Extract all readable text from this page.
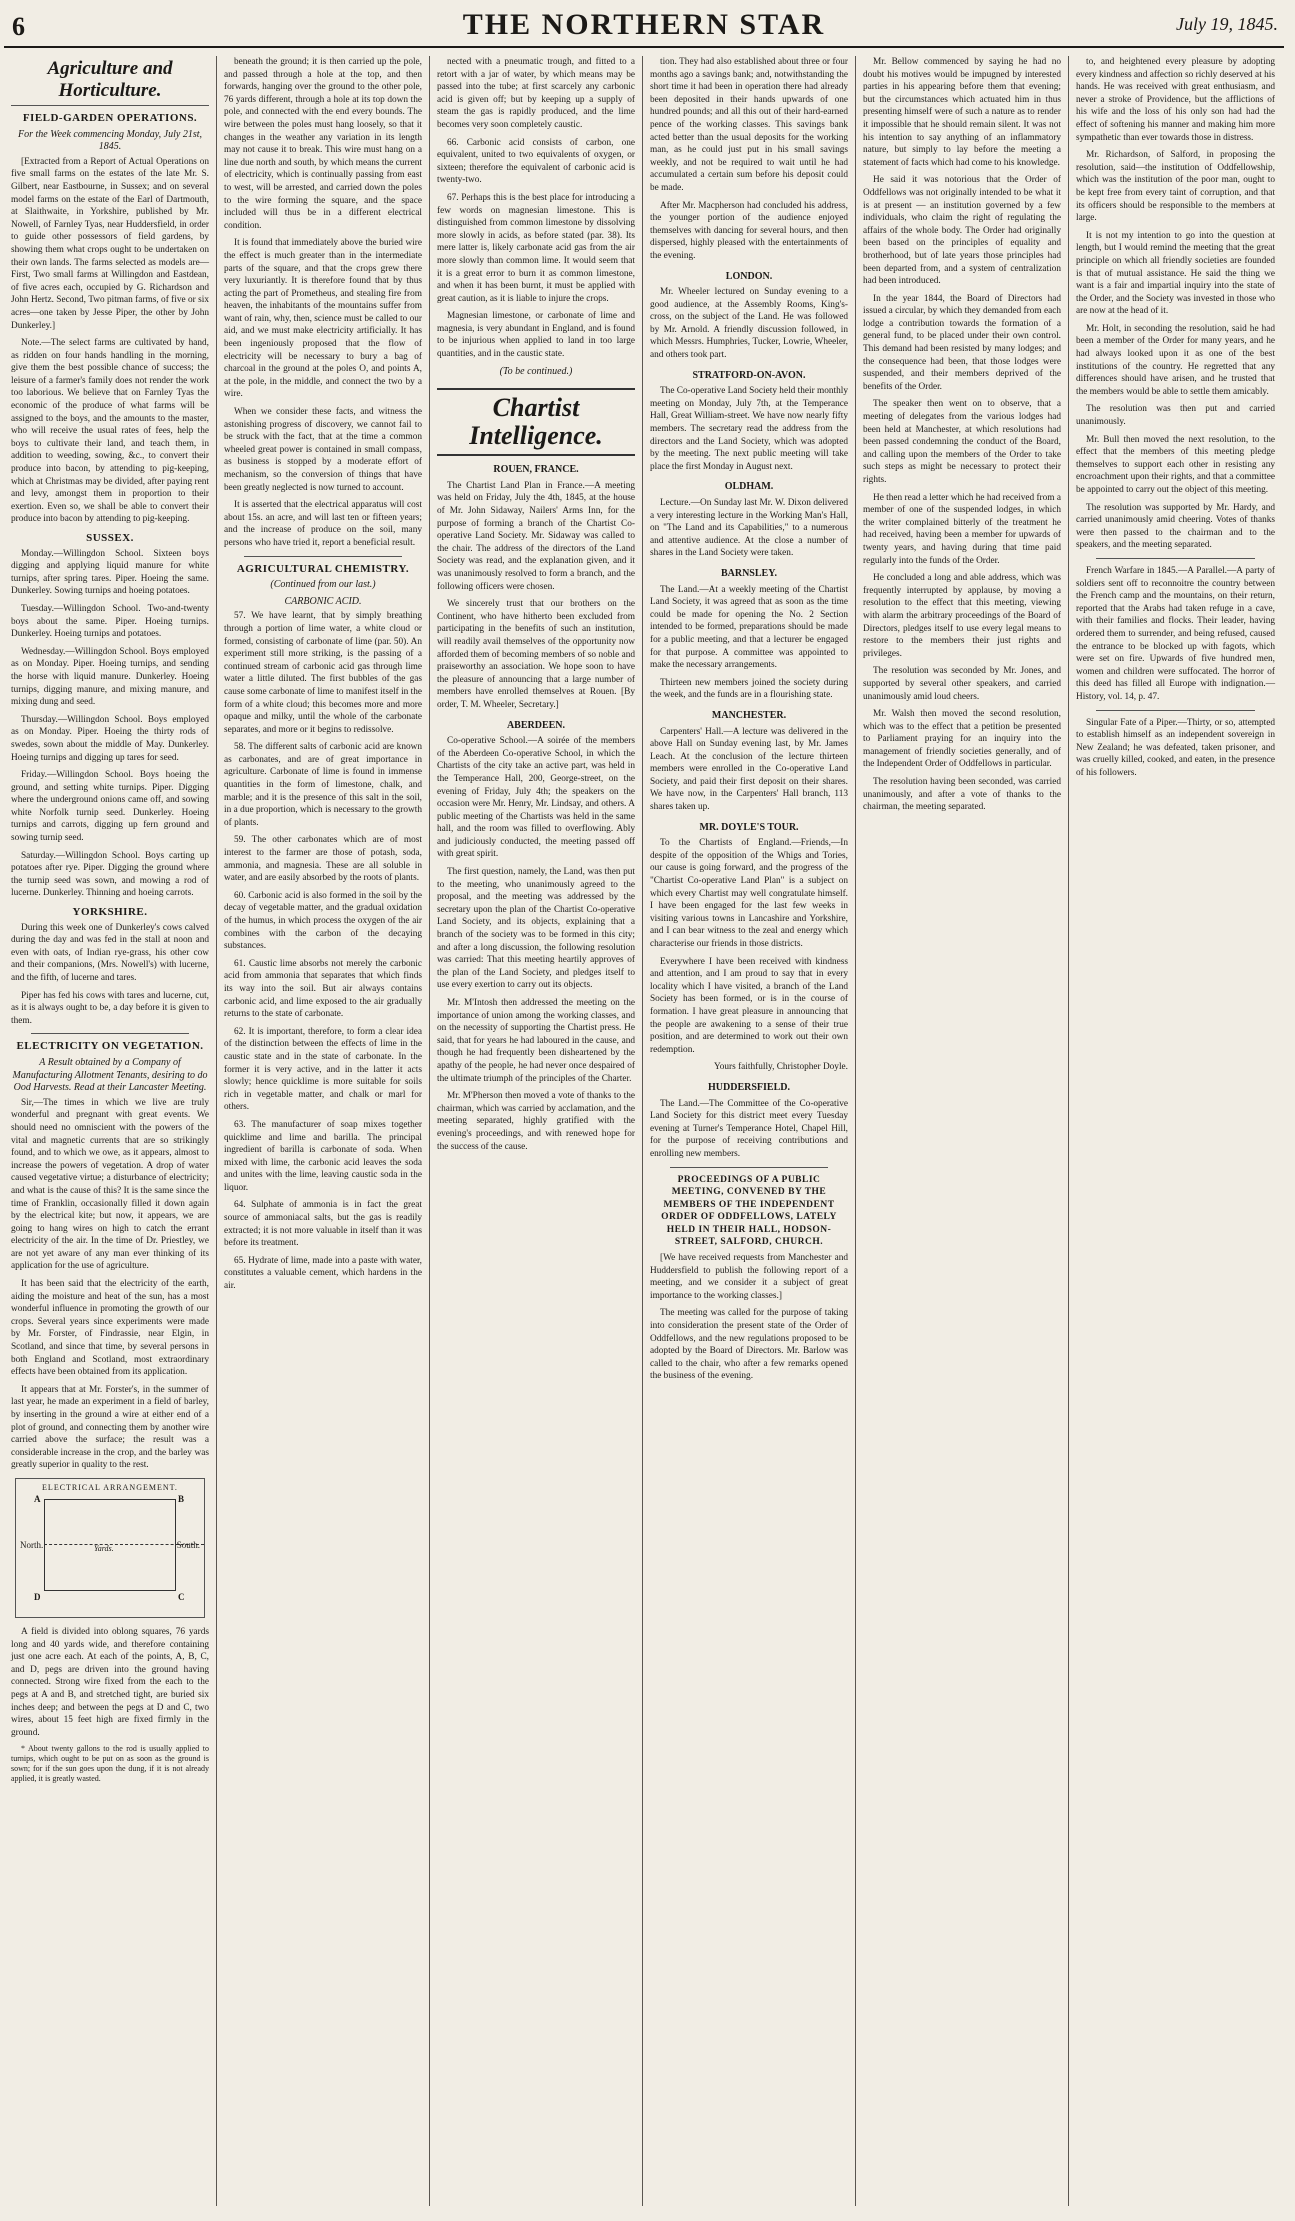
6	THE NORTHERN STAR	July 19, 1845.
Agriculture and Horticulture.
FIELD-GARDEN OPERATIONS.
For the Week commencing Monday, July 21st, 1845.

[Extracted from a Report of Actual Operations on five small farms on the estates of the late Mr. S. Gilbert, near Eastbourne, in Sussex; and on several model farms on the estate of the Earl of Dartmouth, at Slaithwaite, in Yorkshire, published by Mr. Nowell, of Farnley Tyas, near Huddersfield, in order to guide other possessors of field gardens, by showing them what crops ought to be undertaken on their own lands. The farms selected as models are—First, Two small farms at Willingdon and Eastdean, of five acres each, occupied by G. Richardson and John Hertz. Second, Two pitman farms, of five or six acres—one taken by Jesse Piper, the other by John Dunkerley.]

Note.—The select farms are cultivated by hand, as ridden on four hands handling in the morning, give them the best possible chance of success; the leisure of a farmer's family does not render the work too laborious. We believe that on Farnley Tyas the economic of the produce of what farms will be assigned to the boys, and the amounts to the master, who will receive the usual rates of fees, help the boys to cultivate their land, and teach them, in addition to weeding, sowing, &c., to convert their produce into bacon, by attending to pig-keeping, which at Christmas may be divided, after paying rent and levy, amongst them in proportion to their exertion. Even so, we shall be able to convert their produce into bacon by attending to pig-keeping.

SUSSEX.

Monday.—Willingdon School. Sixteen boys digging and applying liquid manure for white turnips, after spring tares. Piper. Hoeing the same. Dunkerley. Sowing turnips and hoeing potatoes.

Tuesday.—Willingdon School. Two-and-twenty boys about the same. Piper. Hoeing turnips. Dunkerley. Hoeing turnips and potatoes.

Wednesday.—Willingdon School. Boys employed as on Monday. Piper. Hoeing turnips, and sending the horse with liquid manure. Dunkerley. Hoeing turnips, digging manure, and mixing manure, and mixing dung and seed.

Thursday.—Willingdon School. Boys employed as on Monday. Piper. Hoeing the thirty rods of swedes, sown about the middle of May. Dunkerley. Hoeing turnips and digging up tares for seed.

Friday.—Willingdon School. Boys hoeing the ground, and setting white turnips. Piper. Digging where the underground onions came off, and sowing white Norfolk turnip seed. Dunkerley. Hoeing turnips and carrots, digging up fern ground and sowing turnip seed.

Saturday.—Willingdon School. Boys carting up potatoes after rye. Piper. Digging the ground where the turnip seed was sown, and mowing a rod of lucerne. Dunkerley. Thinning and hoeing carrots.

YORKSHIRE.

During this week one of Dunkerley's cows calved during the day and was fed in the stall at noon and even with oats, of Indian rye-grass, his other cow and their companions, (Mrs. Nowell's) with lucerne, and the fifth, of lucerne and tares.

Piper has fed his cows with tares and lucerne, cut, as it is always ought to be, a day before it is given to them.

ELECTRICITY ON VEGETATION.
A Result obtained by a Company of Manufacturing Allotment Tenants, desiring to do Ood Harvests. Read at their Lancaster Meeting.

Sir,—The times in which we live are truly wonderful and pregnant with great events. We should need no omniscient with the powers of the vital and magnetic currents that are so strikingly found, and to which we owe, as it appears, almost to increase the powers of vegetation. A drop of water caused vegetative virtue; a disturbance of electricity; and what is the cause of this? It is the same since the time of Franklin, occasionally filled it down again by the electrical kite; but now, it appears, we are going to hang wires on high to catch the errant electricity of the air. In the time of Dr. Priestley, we are not yet aware of any man ever thinking of its application for the use of agriculture.

It has been said that the electricity of the earth, aiding the moisture and heat of the sun, has a most wonderful influence in promoting the growth of our crops. Several years since experiments were made by Mr. Forster, of Findrassie, near Elgin, in Scotland, and since that time, by several persons in both England and Scotland, most extraordinary effects have been obtained from its application.

It appears that at Mr. Forster's, in the summer of last year, he made an experiment in a field of barley, by inserting in the ground a wire at either end of a plot of ground, and connecting them by another wire carried above the surface; the result was a considerable increase in the crop, and the barley was greatly superior in quality to the rest.

ELECTRICAL ARRANGEMENT.
A	B
C
D
North.	South.
Yards.

A field is divided into oblong squares, 76 yards long and 40 yards wide, and therefore containing just one acre each. At each of the points, A, B, C, and D, pegs are driven into the ground having connected. Strong wire fixed from the each to the pegs at A and B, and stretched tight, are buried six inches deep; and between the pegs at D and C, two wires, about 15 feet high are fixed firmly in the ground.

* About twenty gallons to the rod is usually applied to turnips, which ought to be put on as soon as the ground is sown; for if the sun goes upon the dung, if it is not already applied, it is greatly wasted.

beneath the ground; it is then carried up the pole, and passed through a hole at the top, and then forwards, hanging over the ground to the other pole, 76 yards different, through a hole at its top down the pole, and connected with the end every bounds. The wire between the poles must hang loosely, so that it changes in the weather any variation in its length may not cause it to break. This wire must hang on a line due north and south, by which means the current of electricity, which is continually passing from east to west, will be arrested, and carried down the poles to the wire forming the square, and the space included will thus be in a different electrical condition.

It is found that immediately above the buried wire the effect is much greater than in the intermediate parts of the square, and that the crops grew there very luxuriantly. It is therefore found that by thus acting the part of Prometheus, and stealing fire from heaven, the inhabitants of the mountains suffer from want of rain, why, then, science must be called to our aid, and we must make electricity artificially. It has been ingeniously proposed that the flow of electricity will be necessary to bury a bag of charcoal in the ground at the poles O, and points A, at the pole, in the middle, and connect the two by a wire.

When we consider these facts, and witness the astonishing progress of discovery, we cannot fail to be struck with the fact, that at the time a common wheeled great power is contained in small compass, as business is stopped by a moderate effort of mechanism, so the conversion of things that have been greatly neglected is now turned to account.

It is asserted that the electrical apparatus will cost about 15s. an acre, and will last ten or fifteen years; and the increase of produce on the soil, many persons who have tried it, report a beneficial result.

AGRICULTURAL CHEMISTRY.
(Continued from our last.)
CARBONIC ACID.

57. We have learnt, that by simply breathing through a portion of lime water, a white cloud or formed, consisting of carbonate of lime (par. 50). An experiment still more striking, is the passing of a continued stream of carbonic acid gas through lime water a little diluted. The first bubbles of the gas cause some carbonate of lime to manifest itself in the form of a white cloud; this becomes more and more opaque and milky, until the whole of the carbonate separates, and more or it begins to redissolve.

58. The different salts of carbonic acid are known as carbonates, and are of great importance in agriculture. Carbonate of lime is found in immense quantities in the form of limestone, chalk, and marble; and it is the presence of this salt in the soil, in a due proportion, which is necessary to the growth of plants.

59. The other carbonates which are of most interest to the farmer are those of potash, soda, ammonia, and magnesia. These are all soluble in water, and are easily absorbed by the roots of plants.

60. Carbonic acid is also formed in the soil by the decay of vegetable matter, and the gradual oxidation of the humus, in which process the oxygen of the air combines with the carbon of the decaying substances.

61. Caustic lime absorbs not merely the carbonic acid from ammonia that separates that which finds its way into the soil. But air always contains carbonic acid, and lime exposed to the air gradually returns to the state of carbonate.

62. It is important, therefore, to form a clear idea of the distinction between the effects of lime in the caustic state and in the state of carbonate. In the former it is very active, and in the latter it acts slowly; hence quicklime is more suitable for soils rich in vegetable matter, and chalk or marl for others.

63. The manufacturer of soap mixes together quicklime and lime and barilla. The principal ingredient of barilla is carbonate of soda. When mixed with lime, the carbonic acid leaves the soda and unites with the lime, leaving caustic soda in the liquor.

64. Sulphate of ammonia is in fact the great source of ammoniacal salts, but the gas is readily extracted; it is not more valuable in itself than it was before its treatment.

65. Hydrate of lime, made into a paste with water, constitutes a valuable cement, which hardens in the air.

nected with a pneumatic trough, and fitted to a retort with a jar of water, by which means may be passed into the tube; at first scarcely any carbonic acid is given off; but by keeping up a supply of steam the gas is rapidly produced, and the lime becomes very soon completely caustic.

66. Carbonic acid consists of carbon, one equivalent, united to two equivalents of oxygen, or sixteen; therefore the equivalent of carbonic acid is twenty-two.

67. Perhaps this is the best place for introducing a few words on magnesian limestone. This is distinguished from common limestone by dissolving more slowly in acids, as before stated (par. 38). Its mere latter is, likely carbonate acid gas from the air more slowly than common lime. It would seem that it is a great error to burn it as common limestone, and when it has been burnt, it must be applied with great caution, as it is liable to injure the crops.

Magnesian limestone, or carbonate of lime and magnesia, is very abundant in England, and is found to be injurious when applied to land in too large quantities, and in the caustic state.

(To be continued.)
Chartist Intelligence.
ROUEN, FRANCE.

The Chartist Land Plan in France.—A meeting was held on Friday, July the 4th, 1845, at the house of Mr. John Sidaway, Nailers' Arms Inn, for the purpose of forming a branch of the Chartist Co-operative Land Society. Mr. Sidaway was called to the chair. The address of the directors of the Land Society was read, and the explanation given, and it was unanimously resolved to form a branch, and the following officers were chosen.

We sincerely trust that our brothers on the Continent, who have hitherto been excluded from participating in the benefits of such an institution, will readily avail themselves of the opportunity now afforded them of becoming members of so noble and praiseworthy an association. We hope soon to have the pleasure of announcing that a large number of members have enrolled themselves at Rouen. [By order, T. M. Wheeler, Secretary.]

ABERDEEN.

Co-operative School.—A soirée of the members of the Aberdeen Co-operative School, in which the Chartists of the city take an active part, was held in the Temperance Hall, 200, George-street, on the evening of Friday, July 4th; the speakers on the occasion were Mr. Henry, Mr. Lindsay, and others. A public meeting of the Chartists was held in the same hall, and the room was filled to overflowing. Ably and judiciously conducted, the meeting passed off with great spirit.

The first question, namely, the Land, was then put to the meeting, who unanimously agreed to the proposal, and the meeting was addressed by the secretary upon the plan of the Chartist Co-operative Land Society, and its objects, explaining that a branch of the society was to be formed in this city; and after a long discussion, the following resolution was carried: That this meeting heartily approves of the plan of the Land Society, and pledges itself to use every exertion to carry out its objects.

Mr. M'Intosh then addressed the meeting on the importance of union among the working classes, and on the necessity of supporting the Chartist press. He said, that for years he had laboured in the cause, and though he had frequently been disheartened by the apathy of the people, he had never once despaired of the ultimate triumph of the principles of the Charter.

Mr. M'Pherson then moved a vote of thanks to the chairman, which was carried by acclamation, and the meeting separated, highly gratified with the evening's proceedings, and with renewed hope for the success of the cause.

tion. They had also established about three or four months ago a savings bank; and, notwithstanding the short time it had been in operation there had already been deposited in their hands upwards of one hundred pounds; and all this out of their hard-earned pence of the working classes. This savings bank acted better than the usual deposits for the working man, as he could just put in his small savings weekly, and not be required to wait until he had accumulated a certain sum before his deposit could be made.

After Mr. Macpherson had concluded his address, the younger portion of the audience enjoyed themselves with dancing for several hours, and then dispersed, highly pleased with the entertainments of the evening.

LONDON.

Mr. Wheeler lectured on Sunday evening to a good audience, at the Assembly Rooms, King's-cross, on the subject of the Land. He was followed by Mr. Arnold. A friendly discussion followed, in which Messrs. Humphries, Tucker, Lowrie, Wheeler, and others took part.

STRATFORD-ON-AVON.

The Co-operative Land Society held their monthly meeting on Monday, July 7th, at the Temperance Hall, Great William-street. We have now nearly fifty members. The secretary read the address from the directors and the Land Society, which was adopted by the meeting. The next public meeting will take place the first Monday in August next.

OLDHAM.

Lecture.—On Sunday last Mr. W. Dixon delivered a very interesting lecture in the Working Man's Hall, on "The Land and its Capabilities," to a numerous and attentive audience. At the close a number of shares in the Land Society were taken.

BARNSLEY.

The Land.—At a weekly meeting of the Chartist Land Society, it was agreed that as soon as the time could be made for opening the No. 2 Section intended to be formed, preparations should be made for a public meeting, and that a lecturer be engaged for that purpose. A committee was appointed to make the necessary arrangements.

Thirteen new members joined the society during the week, and the funds are in a flourishing state.

MANCHESTER.

Carpenters' Hall.—A lecture was delivered in the above Hall on Sunday evening last, by Mr. James Leach. At the conclusion of the lecture thirteen members were enrolled in the Co-operative Land Society, and paid their first deposit on their shares. We have now, in the Carpenters' Hall branch, 113 shares taken up.

MR. DOYLE'S TOUR.

To the Chartists of England.—Friends,—In despite of the opposition of the Whigs and Tories, our cause is going forward, and the progress of the "Chartist Co-operative Land Plan" is a subject on which every Chartist may well congratulate himself. I have been engaged for the last few weeks in visiting various towns in Lancashire and Yorkshire, and I can bear witness to the zeal and energy which characterise our friends in those districts.

Everywhere I have been received with kindness and attention, and I am proud to say that in every locality which I have visited, a branch of the Land Society has been formed, or is in the course of formation. I have great pleasure in announcing that the people are awakening to a sense of their true position, and are determined to work out their own redemption.

Yours faithfully, Christopher Doyle.

HUDDERSFIELD.

The Land.—The Committee of the Co-operative Land Society for this district meet every Tuesday evening at Turner's Temperance Hotel, Chapel Hill, for the purpose of receiving contributions and enrolling new members.

PROCEEDINGS OF A PUBLIC MEETING, CONVENED BY THE MEMBERS OF THE INDEPENDENT ORDER OF ODDFELLOWS, LATELY HELD IN THEIR HALL, HODSON-STREET, SALFORD, CHURCH.

[We have received requests from Manchester and Huddersfield to publish the following report of a meeting, and we consider it a subject of great importance to the working classes.]

The meeting was called for the purpose of taking into consideration the present state of the Order of Oddfellows, and the new regulations proposed to be adopted by the Board of Directors. Mr. Barlow was called to the chair, who after a few remarks opened the business of the evening.

Mr. Bellow commenced by saying he had no doubt his motives would be impugned by interested parties in his appearing before them that evening; but the circumstances which actuated him in thus presenting himself were of such a nature as to render it impossible that he should remain silent. It was not his intention to say anything of an inflammatory nature, but simply to lay before the meeting a statement of facts which had come to his knowledge.

He said it was notorious that the Order of Oddfellows was not originally intended to be what it is at present — an institution governed by a few individuals, who claim the right of regulating the affairs of the whole body. The Order had originally been based on the principles of equality and brotherhood, but of late years those principles had been departed from, and a system of centralization had been introduced.

In the year 1844, the Board of Directors had issued a circular, by which they demanded from each lodge a contribution towards the formation of a general fund, to be placed under their own control. This demand had been resisted by many lodges; and the consequence had been, that those lodges were suspended, and their members deprived of the benefits of the Order.

The speaker then went on to observe, that a meeting of delegates from the various lodges had been held at Manchester, at which resolutions had been passed condemning the conduct of the Board, and calling upon the members of the Order to take such steps as might be necessary to protect their rights.

He then read a letter which he had received from a member of one of the suspended lodges, in which the writer complained bitterly of the treatment he had received, having been a member for upwards of twenty years, and having during that time paid regularly into the funds of the Order.

He concluded a long and able address, which was frequently interrupted by applause, by moving a resolution to the effect that this meeting, viewing with alarm the arbitrary proceedings of the Board of Directors, pledges itself to use every legal means to restore to the members their just rights and privileges.

The resolution was seconded by Mr. Jones, and supported by several other speakers, and carried unanimously amid loud cheers.

Mr. Walsh then moved the second resolution, which was to the effect that a petition be presented to Parliament praying for an inquiry into the management of friendly societies generally, and of the Independent Order of Oddfellows in particular.

The resolution having been seconded, was carried unanimously, and after a vote of thanks to the chairman, the meeting separated.

to, and heightened every pleasure by adopting every kindness and affection so richly deserved at his hands. He was received with great enthusiasm, and never a stroke of Providence, but the afflictions of his wife and the loss of his only son had had the effect of softening his manner and making him more sympathetic than ever towards those in distress.

Mr. Richardson, of Salford, in proposing the resolution, said—the institution of Oddfellowship, which was the institution of the poor man, ought to be kept free from every taint of corruption, and that its officers should be responsible to the members at large.

It is not my intention to go into the question at length, but I would remind the meeting that the great principle on which all friendly societies are founded is that of mutual assistance. He said the thing we want is a fair and impartial inquiry into the state of the Order, and the Society was invested in those who are now at the head of it.

Mr. Holt, in seconding the resolution, said he had been a member of the Order for many years, and he had always looked upon it as one of the best institutions of the country. He regretted that any differences should have arisen, and he trusted that the members would be able to settle them amicably.

The resolution was then put and carried unanimously.

Mr. Bull then moved the next resolution, to the effect that the members of this meeting pledge themselves to support each other in resisting any encroachment upon their rights, and that a committee be appointed to carry out the object of this meeting.

The resolution was supported by Mr. Hardy, and carried unanimously amid cheering. Votes of thanks were then passed to the chairman and to the speakers, and the meeting separated.

French Warfare in 1845.—A Parallel.—A party of soldiers sent off to reconnoitre the country between the French camp and the mountains, on their return, reported that the Arabs had taken refuge in a cave, with their families and flocks. Their leader, having ordered them to surrender, and being refused, caused the entrance to be blocked up with fagots, which were set on fire. Upwards of five hundred men, women and children were suffocated. The horror of this deed has filled all Europe with indignation.—History, vol. 14, p. 47.

Singular Fate of a Piper.—Thirty, or so, attempted to establish himself as an independent sovereign in New Zealand; he was defeated, taken prisoner, and was cruelly killed, cooked, and eaten, in the presence of his followers.
